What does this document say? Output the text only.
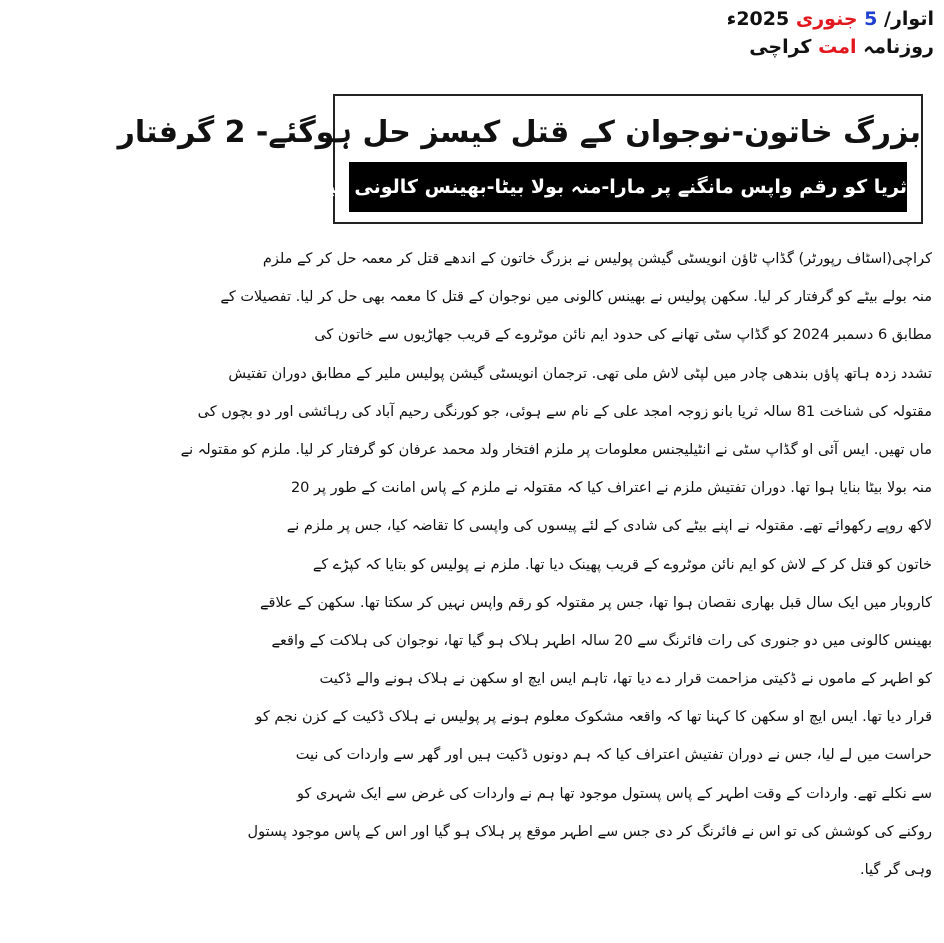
اتوار/ 5 جنوری 2025ء
روزنامہ امت کراچی
بزرگ خاتون-نوجوان کے قتل کیسز حل ہوگئے- 2 گرفتار
ثریا کو رقم واپس مانگنے پر مارا-منہ بولا بیٹا-بھینس کالونی میں ہلاک اطہر ڈکیت تھا-ساتھی کزن
کراچی(اسٹاف رپورٹر) گڈاپ ٹاؤن انویسٹی گیشن پولیس نے بزرگ خاتون کے اندھے قتل کر معمہ حل کر کے ملزم
منہ بولے بیٹے کو گرفتار کر لیا. سکھن پولیس نے بھینس کالونی میں نوجوان کے قتل کا معمہ بھی حل کر لیا. تفصیلات کے
مطابق 6 دسمبر 2024 کو گڈاپ سٹی تھانے کی حدود ایم نائن موٹروے کے قریب جھاڑیوں سے خاتون کی
تشدد زدہ ہاتھ پاؤں بندھی چادر میں لپٹی لاش ملی تھی. ترجمان انویسٹی گیشن پولیس ملیر کے مطابق دوران تفتیش
مقتولہ کی شناخت 81 سالہ ثریا بانو زوجہ امجد علی کے نام سے ہوئی، جو کورنگی رحیم آباد کی رہائشی اور دو بچوں کی
ماں تھیں. ایس آئی او گڈاپ سٹی نے انٹیلیجنس معلومات پر ملزم افتخار ولد محمد عرفان کو گرفتار کر لیا. ملزم کو مقتولہ نے
منہ بولا بیٹا بنایا ہوا تھا. دوران تفتیش ملزم نے اعتراف کیا کہ مقتولہ نے ملزم کے پاس امانت کے طور پر 20
لاکھ روپے رکھوائے تھے. مقتولہ نے اپنے بیٹے کی شادی کے لئے پیسوں کی واپسی کا تقاضہ کیا، جس پر ملزم نے
خاتون کو قتل کر کے لاش کو ایم نائن موٹروے کے قریب پھینک دیا تھا. ملزم نے پولیس کو بتایا کہ کپڑے کے
کاروبار میں ایک سال قبل بھاری نقصان ہوا تھا، جس پر مقتولہ کو رقم واپس نہیں کر سکتا تھا. سکھن کے علاقے
بھینس کالونی میں دو جنوری کی رات فائرنگ سے 20 سالہ اطہر ہلاک ہو گیا تھا، نوجوان کی ہلاکت کے واقعے
کو اطہر کے ماموں نے ڈکیتی مزاحمت قرار دے دیا تھا، تاہم ایس ایچ او سکھن نے ہلاک ہونے والے ڈکیت
قرار دیا تھا. ایس ایچ او سکھن کا کہنا تھا کہ واقعہ مشکوک معلوم ہونے پر پولیس نے ہلاک ڈکیت کے کزن نجم کو
حراست میں لے لیا، جس نے دوران تفتیش اعتراف کیا کہ ہم دونوں ڈکیت ہیں اور گھر سے واردات کی نیت
سے نکلے تھے. واردات کے وقت اطہر کے پاس پستول موجود تھا ہم نے واردات کی غرض سے ایک شہری کو
روکنے کی کوشش کی تو اس نے فائرنگ کر دی جس سے اطہر موقع پر ہلاک ہو گیا اور اس کے پاس موجود پستول
وہی گر گیا.
